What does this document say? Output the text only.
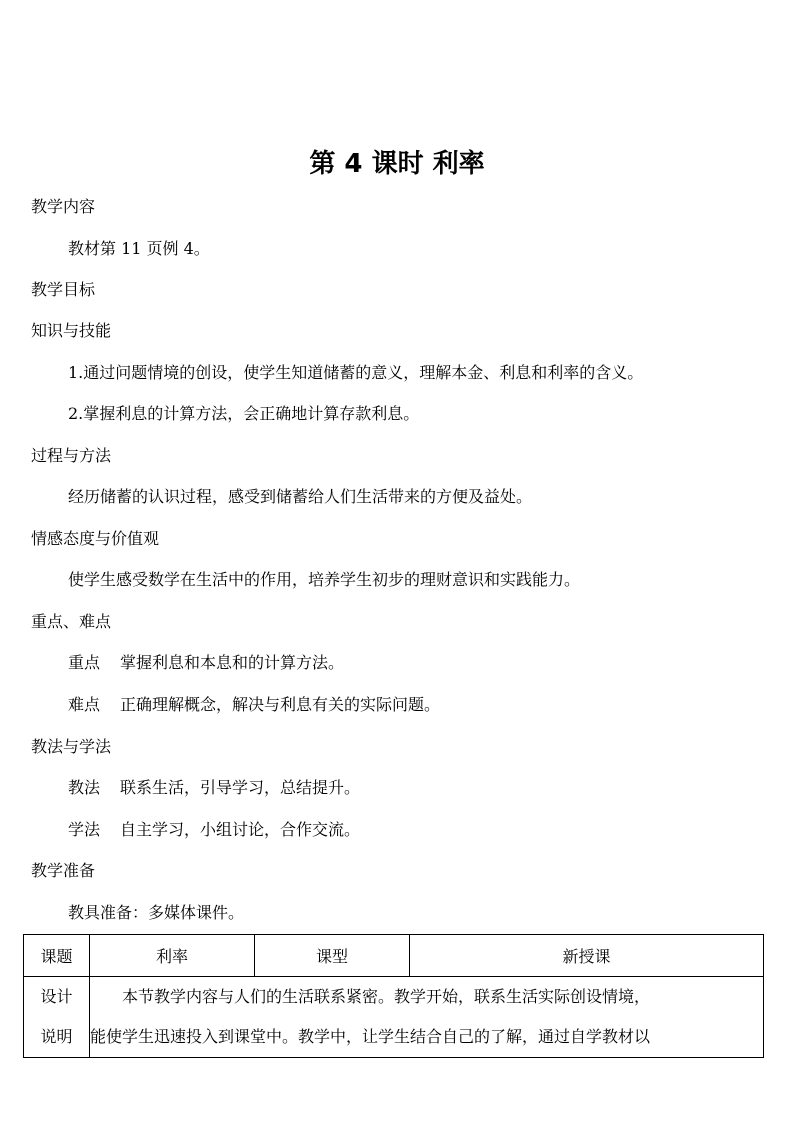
第 4 课时 利率
教学内容
教材第 11 页例 4。
教学目标
知识与技能
1.通过问题情境的创设，使学生知道储蓄的意义，理解本金、利息和利率的含义。
2.掌握利息的计算方法，会正确地计算存款利息。
过程与方法
经历储蓄的认识过程，感受到储蓄给人们生活带来的方便及益处。
情感态度与价值观
使学生感受数学在生活中的作用，培养学生初步的理财意识和实践能力。
重点、难点
重点 掌握利息和本息和的计算方法。
难点 正确理解概念，解决与利息有关的实际问题。
教法与学法
教法 联系生活，引导学习，总结提升。
学法 自主学习，小组讨论，合作交流。
教学准备
教具准备：多媒体课件。
课题	利率	课型	新授课

设计
说明	本节教学内容与人们的生活联系紧密。教学开始，联系生活实际创设情境，
能使学生迅速投入到课堂中。教学中，让学生结合自己的了解，通过自学教材以		
